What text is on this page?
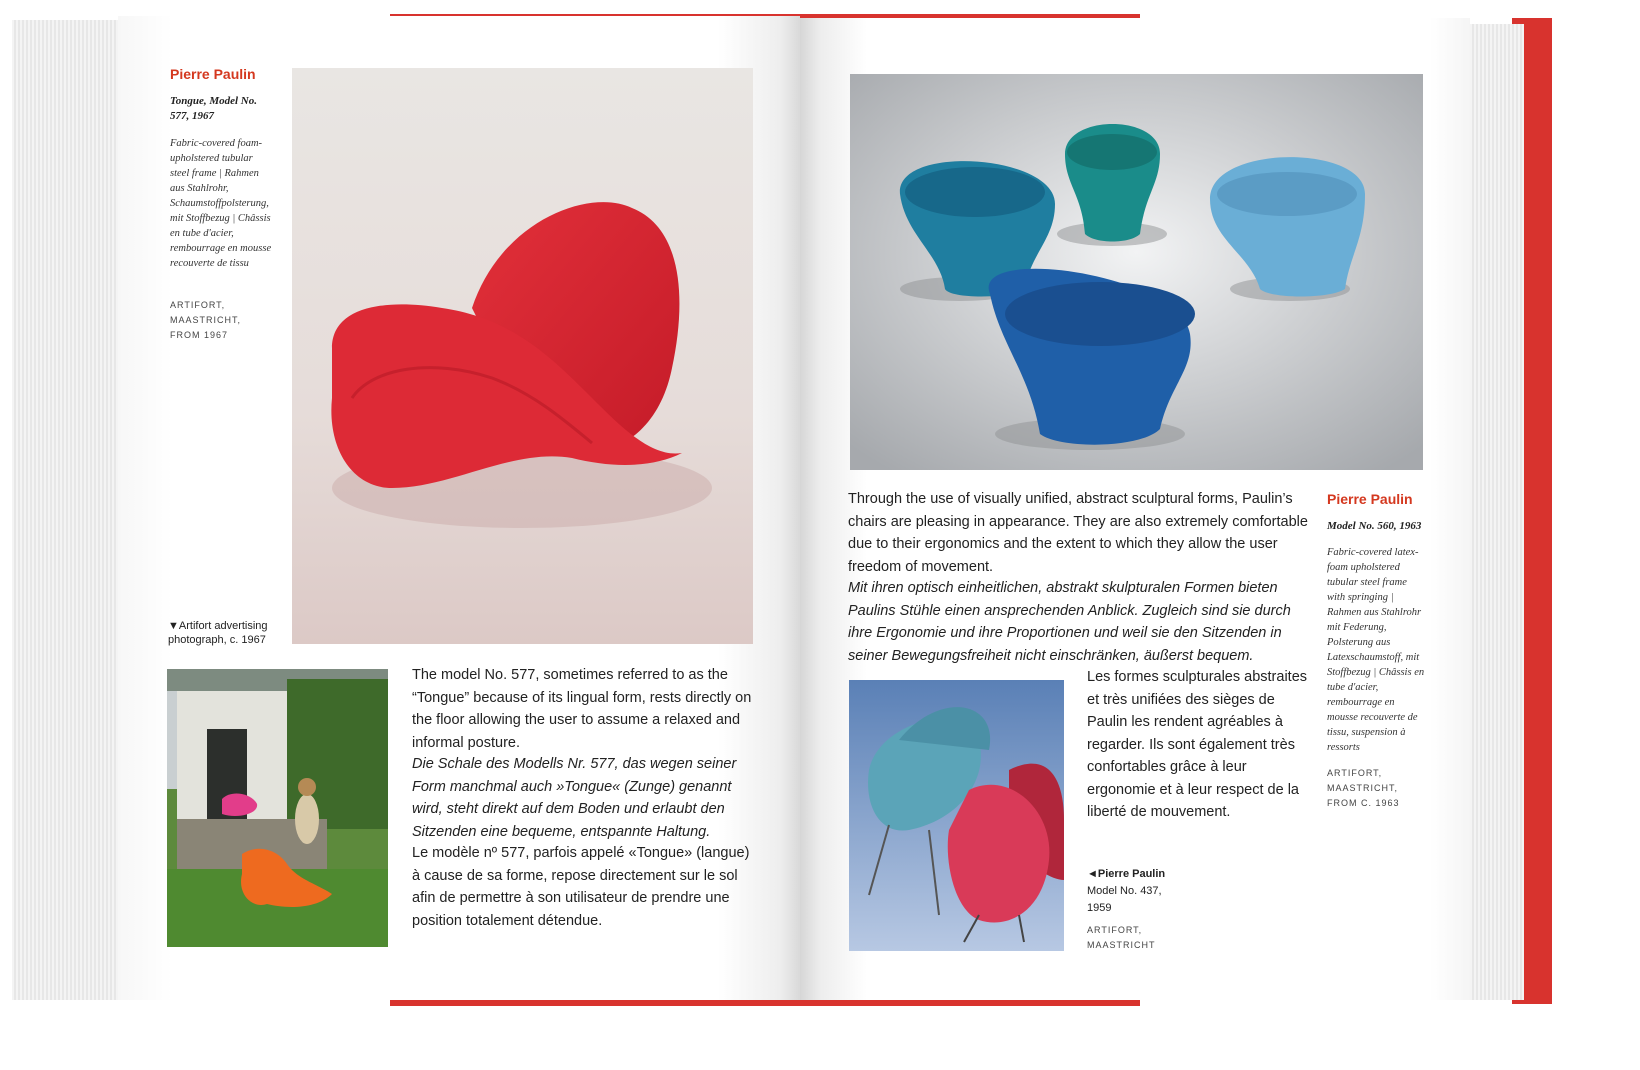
Pierre Paulin
Tongue, Model No. 577, 1967
Fabric-covered foam-upholstered tubular steel frame | Rahmen aus Stahlrohr, Schaumstoffpolsterung, mit Stoffbezug | Châssis en tube d'acier, rembourrage en mousse recouverte de tissu
ARTIFORT, MAASTRICHT, FROM 1967
▼Artifort advertising photograph, c. 1967
The model No. 577, sometimes referred to as the “Tongue” because of its lingual form, rests directly on the floor allowing the user to assume a relaxed and informal posture.
Die Schale des Modells Nr. 577, das wegen seiner Form manchmal auch »Tongue« (Zunge) genannt wird, steht direkt auf dem Boden und erlaubt den Sitzenden eine bequeme, entspannte Haltung.
Le modèle nº 577, parfois appelé «Tongue» (langue) à cause de sa forme, repose directement sur le sol afin de permettre à son utilisateur de prendre une position totalement détendue.
Through the use of visually unified, abstract sculptural forms, Paulin’s chairs are pleasing in appearance. They are also extremely comfortable due to their ergonomics and the extent to which they allow the user freedom of movement.
Mit ihren optisch einheitlichen, abstrakt skulpturalen Formen bieten Paulins Stühle einen ansprechenden Anblick. Zugleich sind sie durch ihre Ergonomie und ihre Proportionen und weil sie den Sitzenden in seiner Bewegungsfreiheit nicht einschränken, äußerst bequem.
Pierre Paulin
Model No. 560, 1963
Fabric-covered latex-foam upholstered tubular steel frame with springing | Rahmen aus Stahlrohr mit Federung, Polsterung aus Latexschaumstoff, mit Stoffbezug | Châssis en tube d'acier, rembourrage en mousse recouverte de tissu, suspension à ressorts
ARTIFORT, MAASTRICHT, FROM C. 1963
Les formes sculpturales abstraites et très unifiées des sièges de Paulin les rendent agréables à regarder. Ils sont également très confortables grâce à leur ergonomie et à leur respect de la liberté de mouvement.
◄Pierre Paulin
Model No. 437, 1959
ARTIFORT, MAASTRICHT
